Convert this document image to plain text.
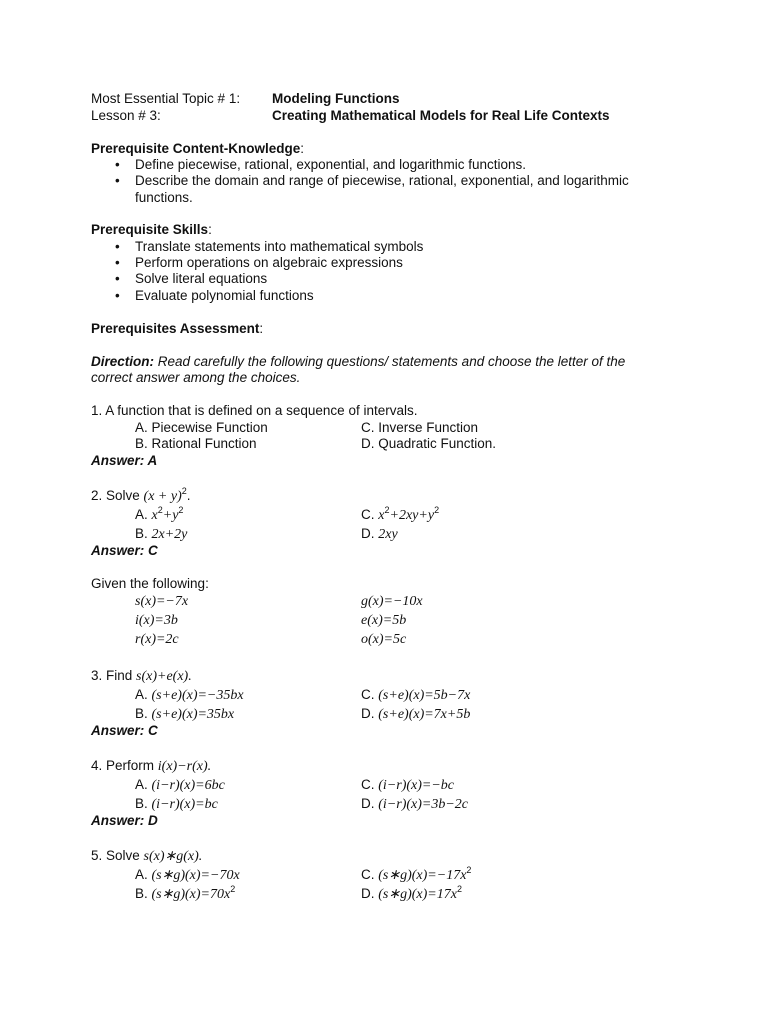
Most Essential Topic # 1: Modeling Functions
Lesson # 3:	Creating Mathematical Models for Real Life Contexts
Prerequisite Content-Knowledge:
• Define piecewise, rational, exponential, and logarithmic functions.
• Describe the domain and range of piecewise, rational, exponential, and logarithmic
functions.
Prerequisite Skills:
• Translate statements into mathematical symbols
• Perform operations on algebraic expressions
• Solve literal equations
• Evaluate polynomial functions
Prerequisites Assessment:
Direction: Read carefully the following questions/ statements and choose the letter of the
correct answer among the choices.
1. A function that is defined on a sequence of intervals.
A. Piecewise Function	C. Inverse Function
B. Rational Function	D. Quadratic Function.
Answer: A
2. Solve $(x + y)^2$.
A. $x^2+y^2$	C. $x^2+2xy+y^2$
B. 2x+2y	D. 2xy
Answer: C
Given the following:
s(x)=−7x	g(x)=−10x
i(x)=3b	e(x)=5b
r(x)=2c	o(x)=5c
3. Find s(x)+e(x).
A. (s+e)(x)=−35bx	C. (s+e)(x)=5b−7x
B. (s+e)(x)=35bx	D. (s+e)(x)=7x+5b
Answer: C
4. Perform i(x)−r(x).
A. (i−r)(x)=6bc	C. (i−r)(x)=−bc
B. (i−r)(x)=bc	D. (i−r)(x)=3b−2c
Answer: D
5. Solve s(x)∗g(x).
A. (s∗g)(x)=−70x	C. $(s∗g)(x)=-17x^2$
B. $(s∗g)(x)=70x^2$	D. $(s∗g)(x)=17x^2$
